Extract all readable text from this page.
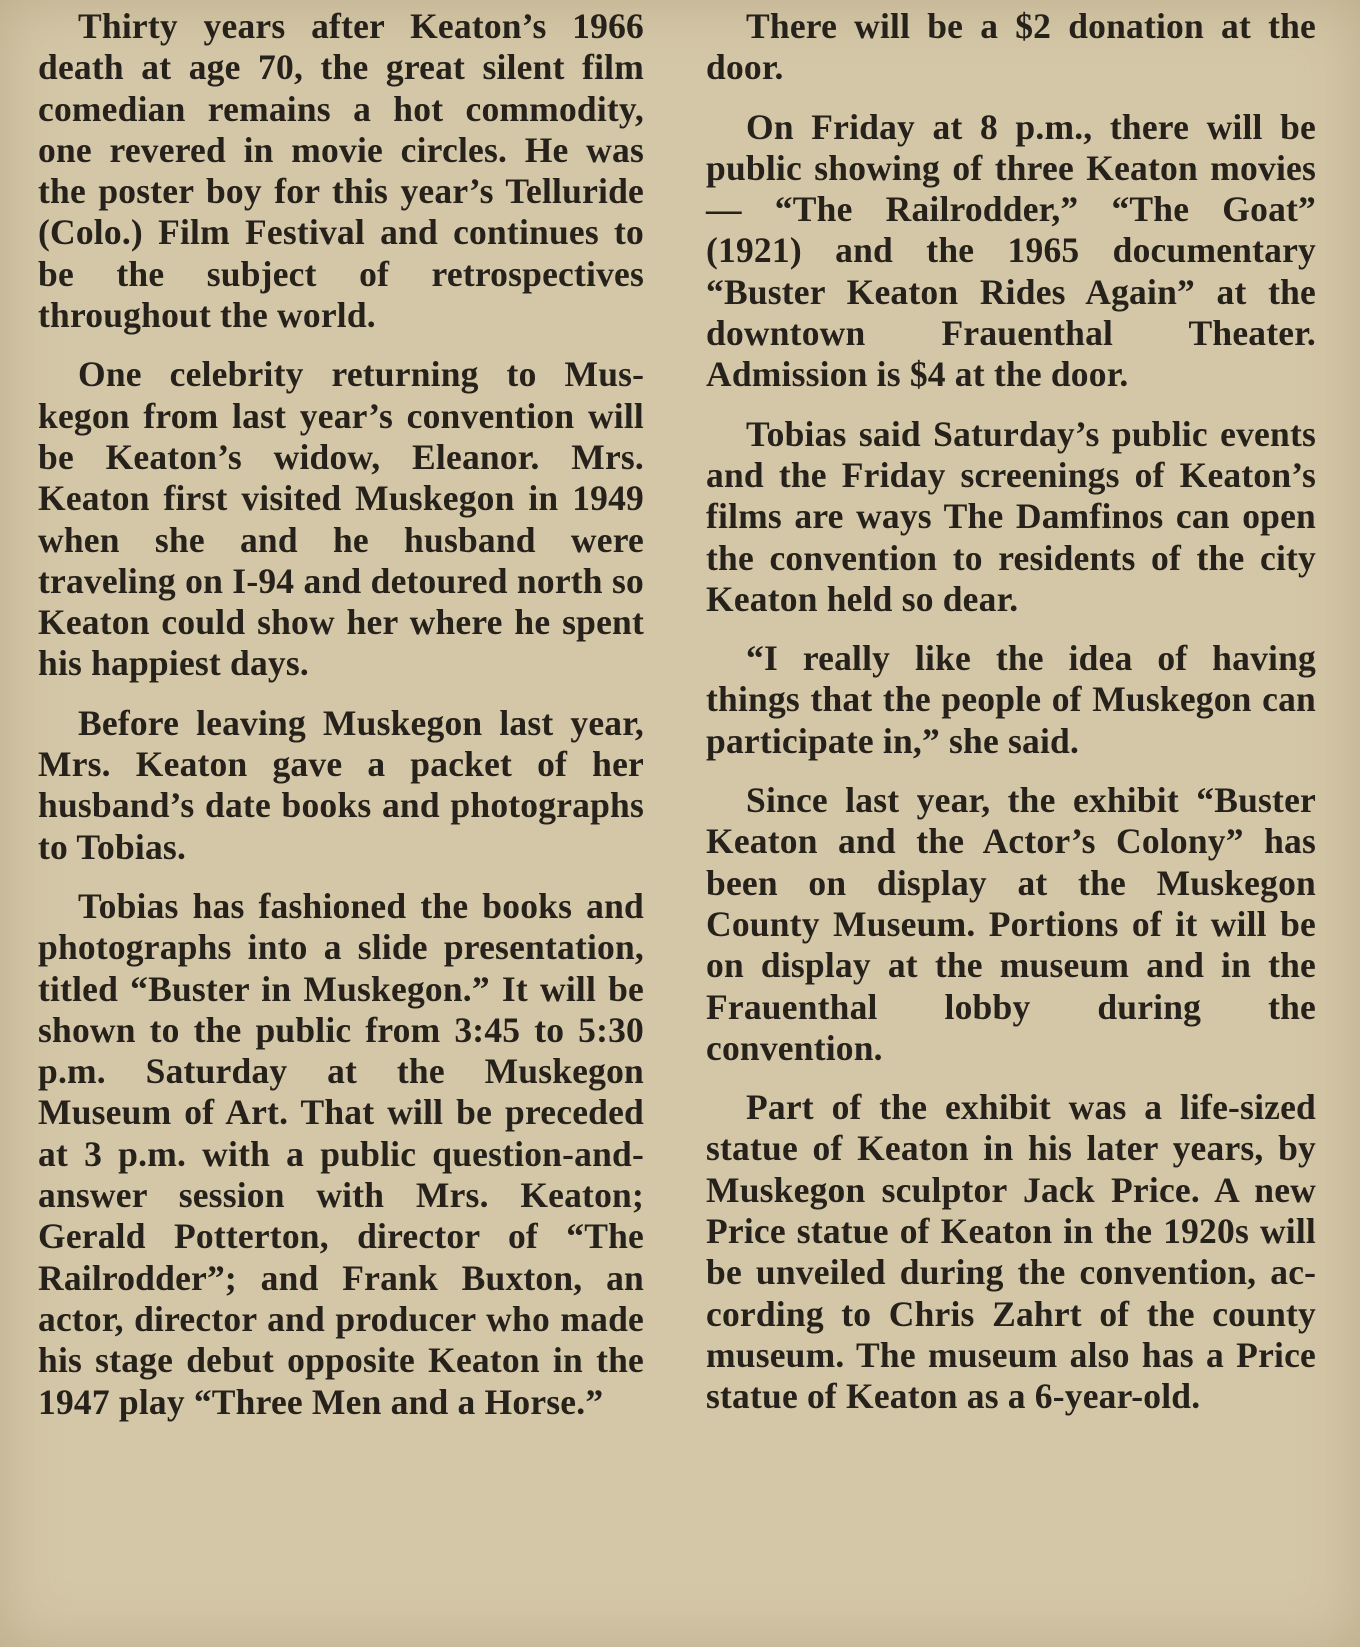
Thirty years after Keaton’s 1966 death at age 70, the great silent film comedian remains a hot commodity, one revered in movie circles. He was the poster boy for this year’s Telluride (Colo.) Film Festival and continues to be the subject of retrospectives throughout the world.

One celebrity returning to Muskegon from last year’s convention will be Keaton’s widow, Eleanor. Mrs. Keaton first visited Muskegon in 1949 when she and he husband were traveling on I-94 and detoured north so Keaton could show her where he spent his happiest days.

Before leaving Muskegon last year, Mrs. Keaton gave a packet of her husband’s date books and photographs to Tobias.

Tobias has fashioned the books and photographs into a slide presentation, titled “Buster in Muskegon.” It will be shown to the public from 3:45 to 5:30 p.m. Saturday at the Muskegon Museum of Art. That will be preceded at 3 p.m. with a public question-and-answer session with Mrs. Keaton; Gerald Potterton, director of “The Railrodder”; and Frank Buxton, an actor, director and producer who made his stage debut opposite Keaton in the 1947 play “Three Men and a Horse.”

There will be a $2 donation at the door.

On Friday at 8 p.m., there will be public showing of three Keaton movies — “The Railrodder,” “The Goat” (1921) and the 1965 documentary “Buster Keaton Rides Again” at the downtown Frauenthal Theater. Admission is $4 at the door.

Tobias said Saturday’s public events and the Friday screenings of Keaton’s films are ways The Damfinos can open the convention to residents of the city Keaton held so dear.

“I really like the idea of having things that the people of Muskegon can participate in,” she said.

Since last year, the exhibit “Buster Keaton and the Actor’s Colony” has been on display at the Muskegon County Museum. Portions of it will be on display at the museum and in the Frauenthal lobby during the convention.

Part of the exhibit was a life-sized statue of Keaton in his later years, by Muskegon sculptor Jack Price. A new Price statue of Keaton in the 1920s will be unveiled during the convention, according to Chris Zahrt of the county museum. The museum also has a Price statue of Keaton as a 6-year-old.
